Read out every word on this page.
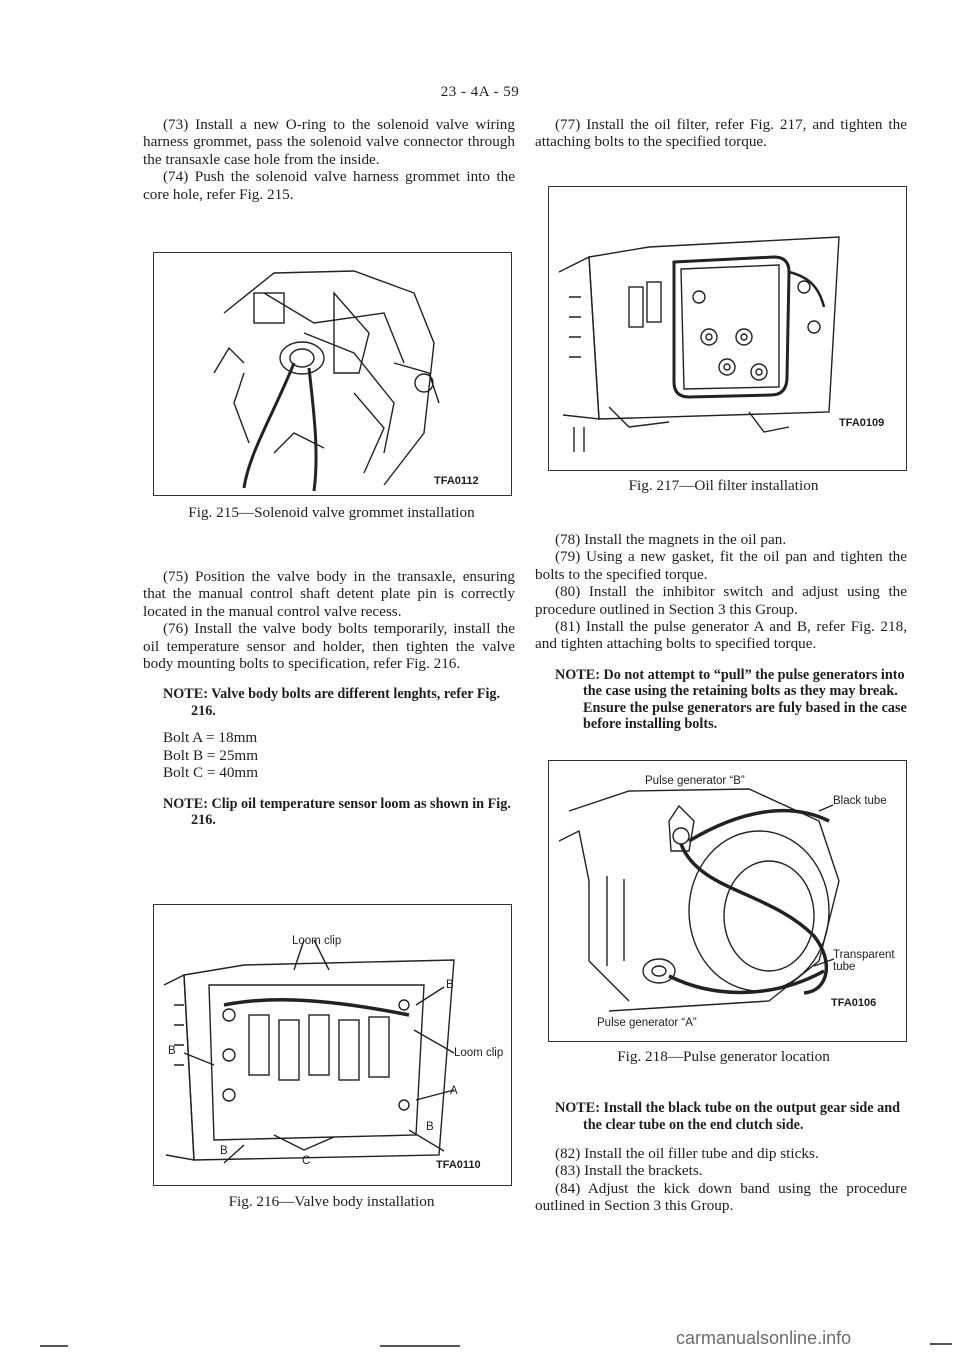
23 - 4A - 59

(73) Install a new O-ring to the solenoid valve wiring harness grommet, pass the solenoid valve connector through the transaxle case hole from the inside.

(74) Push the solenoid valve harness grommet into the core hole, refer Fig. 215.

TFA0112
Fig. 215—Solenoid valve grommet installation

(75) Position the valve body in the transaxle, ensuring that the manual control shaft detent plate pin is correctly located in the manual control valve recess.

(76) Install the valve body bolts temporarily, install the oil temperature sensor and holder, then tighten the valve body mounting bolts to specification, refer Fig. 216.

NOTE: Valve body bolts are different lenghts, refer Fig. 216.
Bolt A = 18mm
Bolt B = 25mm
Bolt C = 40mm
NOTE: Clip oil temperature sensor loom as shown in Fig. 216.
Loom clip
B
B	Loom clip
A
B
B
C	TFA0110
Fig. 216—Valve body installation

(77) Install the oil filter, refer Fig. 217, and tighten the attaching bolts to the specified torque.

TFA0109
Fig. 217—Oil filter installation

(78) Install the magnets in the oil pan.

(79) Using a new gasket, fit the oil pan and tighten the bolts to the specified torque.

(80) Install the inhibitor switch and adjust using the procedure outlined in Section 3 this Group.

(81) Install the pulse generator A and B, refer Fig. 218, and tighten attaching bolts to specified torque.

NOTE: Do not attempt to “pull” the pulse generators into the case using the retaining bolts as they may break. Ensure the pulse generators are fuly based in the case before installing bolts.
Pulse generator “B”
Black tube
Transparent tube
Pulse generator “A”
TFA0106
Fig. 218—Pulse generator location
NOTE: Install the black tube on the output gear side and the clear tube on the end clutch side.

(82) Install the oil filler tube and dip sticks.

(83) Install the brackets.

(84) Adjust the kick down band using the procedure outlined in Section 3 this Group.

carmanualsonline.info
